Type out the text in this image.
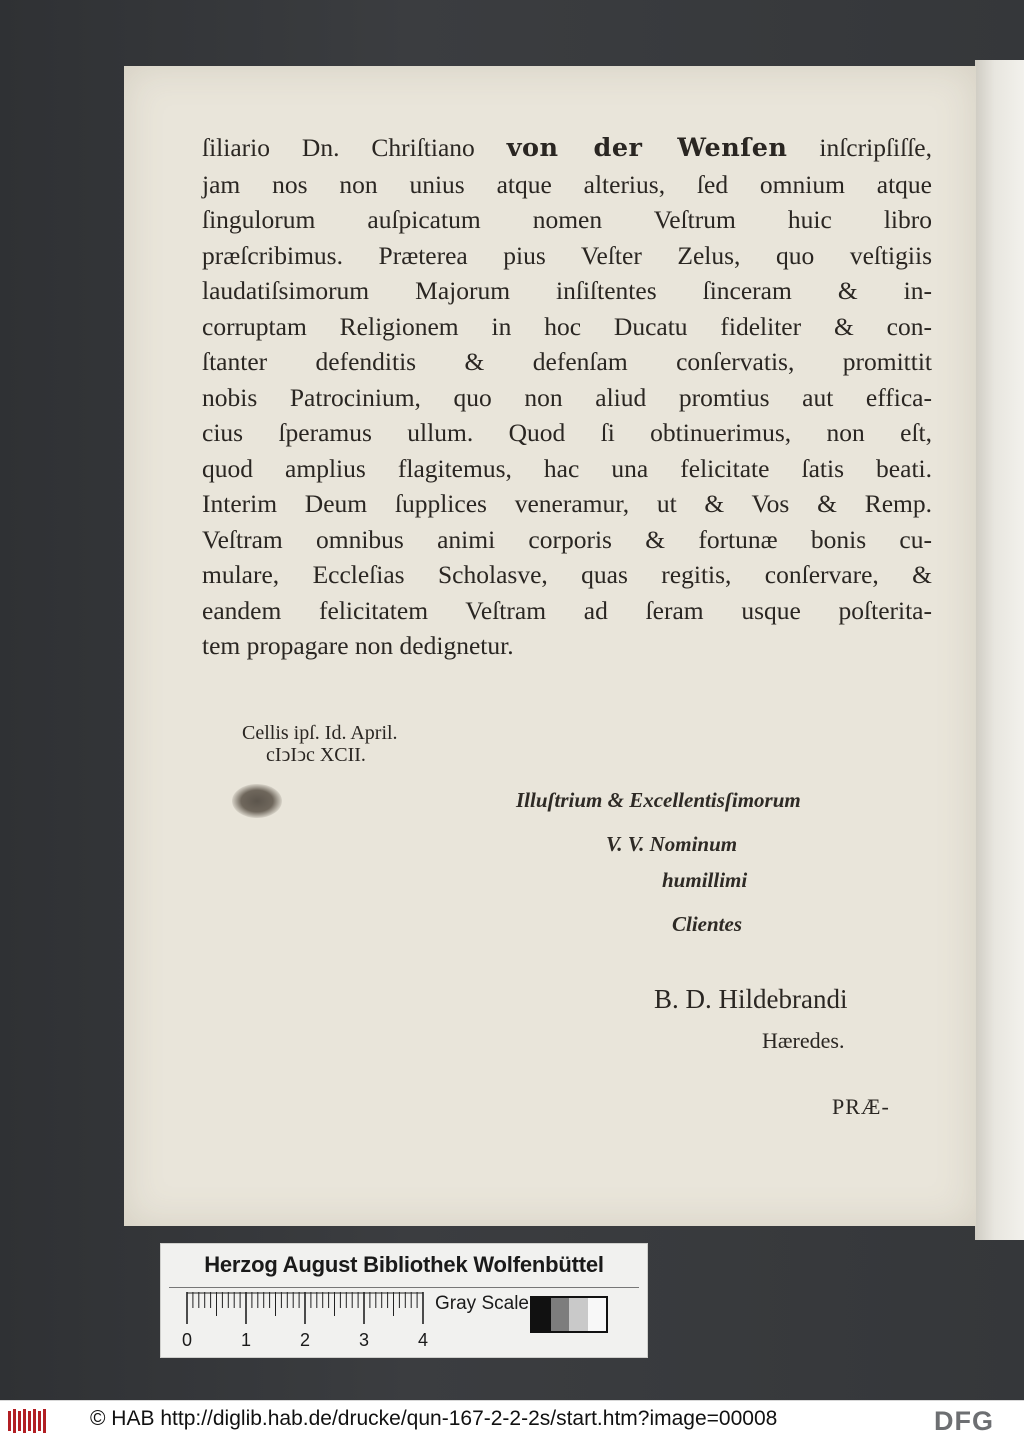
ſiliario Dn. Chriſtiano von der Wenſen inſcripſiſſe,
jam nos non unius atque alterius, ſed omnium atque
ſingulorum auſpicatum nomen Veſtrum huic libro
præſcribimus. Præterea pius Veſter Zelus, quo veſtigiis
laudatiſsimorum Majorum inſiſtentes ſinceram & in-
corruptam Religionem in hoc Ducatu fideliter & con-
ſtanter defenditis & defenſam conſervatis, promittit
nobis Patrocinium, quo non aliud promtius aut effica-
cius ſperamus ullum. Quod ſi obtinuerimus, non eſt,
quod amplius flagitemus, hac una felicitate ſatis beati.
Interim Deum ſupplices veneramur, ut & Vos & Remp.
Veſtram omnibus animi corporis & fortunæ bonis cu-
mulare, Eccleſias Scholasve, quas regitis, conſervare, &
eandem felicitatem Veſtram ad ſeram usque poſterita-
tem propagare non dedignetur.
Cellis ipſ. Id. April.
cIↄIↄc XCII.
Illuſtrium & Excellentisſimorum
V. V. Nominum
humillimi
Clientes
B. D. Hildebrandi
Hæredes.
PRÆ-
Herzog August Bibliothek Wolfenbüttel
0	1	2	3	4
Gray Scale
© HAB http://diglib.hab.de/drucke/qun-167-2-2-2s/start.htm?image=00008	DFG
